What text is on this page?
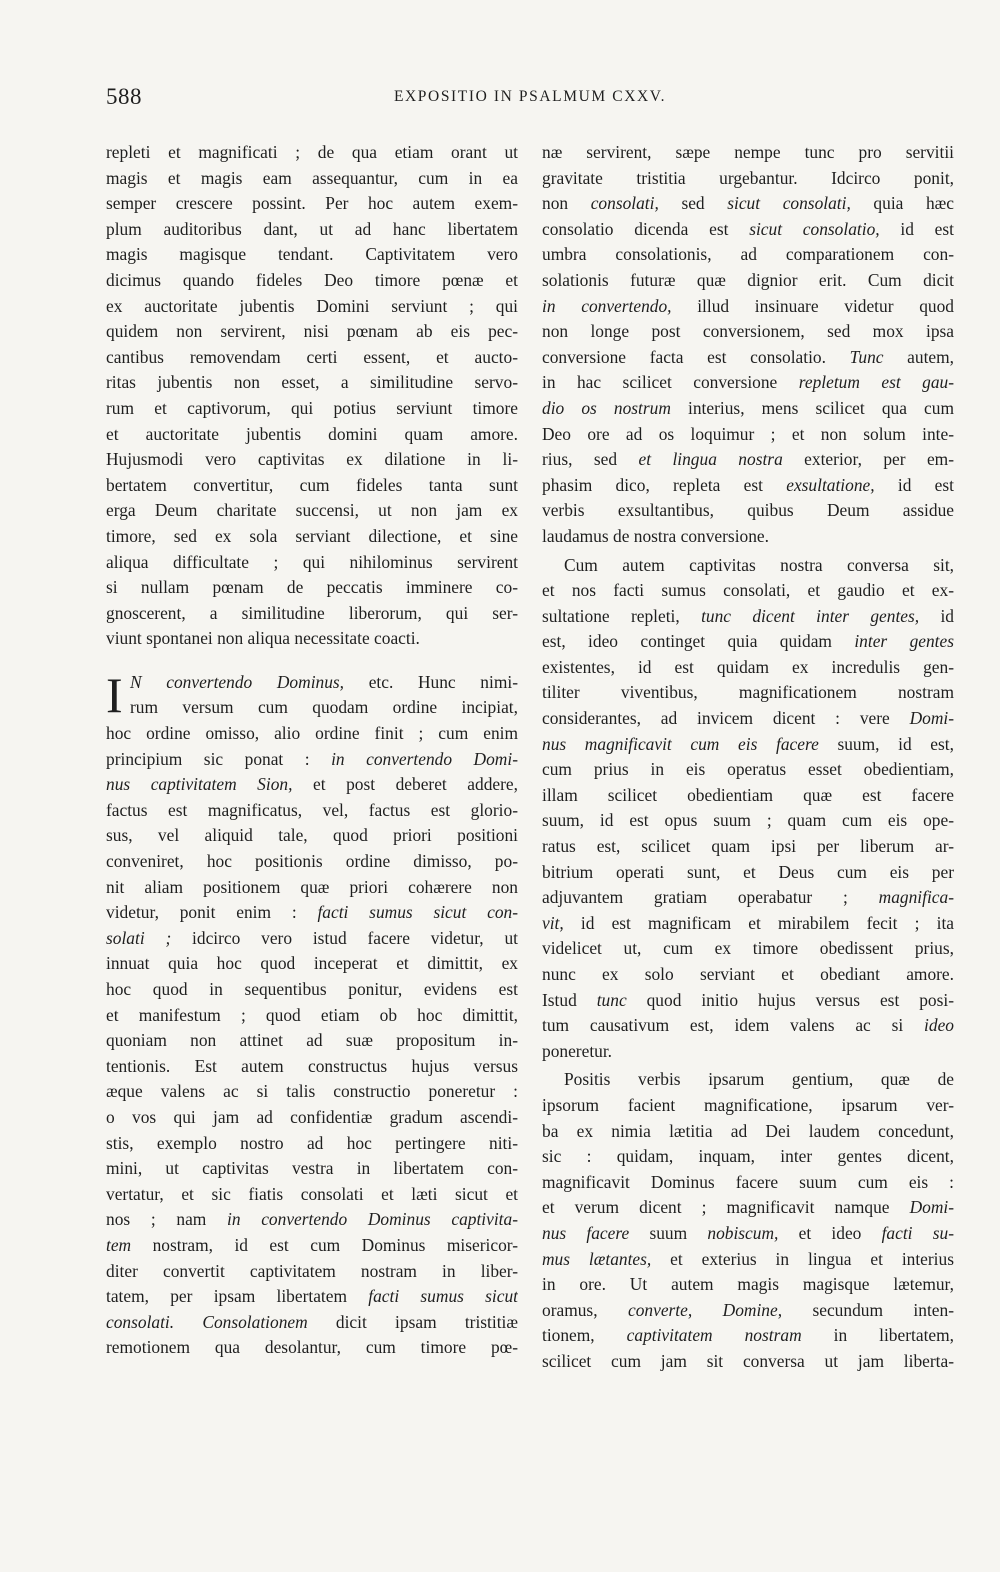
588	EXPOSITIO IN PSALMUM CXXV.
repleti et magnificati ; de qua etiam orant ut
magis et magis eam assequantur, cum in ea
semper crescere possint. Per hoc autem exem-
plum auditoribus dant, ut ad hanc libertatem
magis magisque tendant. Captivitatem vero
dicimus quando fideles Deo timore pœnæ et
ex auctoritate jubentis Domini serviunt ; qui
quidem non servirent, nisi pœnam ab eis pec-
cantibus removendam certi essent, et aucto-
ritas jubentis non esset, a similitudine servo-
rum et captivorum, qui potius serviunt timore
et auctoritate jubentis domini quam amore.
Hujusmodi vero captivitas ex dilatione in li-
bertatem convertitur, cum fideles tanta sunt
erga Deum charitate succensi, ut non jam ex
timore, sed ex sola serviant dilectione, et sine
aliqua difficultate ; qui nihilominus servirent
si nullam pœnam de peccatis imminere co-
gnoscerent, a similitudine liberorum, qui ser-
viunt spontanei non aliqua necessitate coacti.
I N convertendo Dominus, etc. Hunc nimi-
rum versum cum quodam ordine incipiat,
hoc ordine omisso, alio ordine finit ; cum enim
principium sic ponat : in convertendo Domi-
nus captivitatem Sion, et post deberet addere,
factus est magnificatus, vel, factus est glorio-
sus, vel aliquid tale, quod priori positioni
conveniret, hoc positionis ordine dimisso, po-
nit aliam positionem quæ priori cohærere non
videtur, ponit enim : facti sumus sicut con-
solati ; idcirco vero istud facere videtur, ut
innuat quia hoc quod inceperat et dimittit, ex
hoc quod in sequentibus ponitur, evidens est
et manifestum ; quod etiam ob hoc dimittit,
quoniam non attinet ad suæ propositum in-
tentionis. Est autem constructus hujus versus
æque valens ac si talis constructio poneretur :
o vos qui jam ad confidentiæ gradum ascendi-
stis, exemplo nostro ad hoc pertingere niti-
mini, ut captivitas vestra in libertatem con-
vertatur, et sic fiatis consolati et læti sicut et
nos ; nam in convertendo Dominus captivita-
tem nostram, id est cum Dominus misericor-
diter convertit captivitatem nostram in liber-
tatem, per ipsam libertatem facti sumus sicut
consolati. Consolationem dicit ipsam tristitiæ
remotionem qua desolantur, cum timore pœ-
næ servirent, sæpe nempe tunc pro servitii
gravitate tristitia urgebantur. Idcirco ponit,
non consolati, sed sicut consolati, quia hæc
consolatio dicenda est sicut consolatio, id est
umbra consolationis, ad comparationem con-
solationis futuræ quæ dignior erit. Cum dicit
in convertendo, illud insinuare videtur quod
non longe post conversionem, sed mox ipsa
conversione facta est consolatio. Tunc autem,
in hac scilicet conversione repletum est gau-
dio os nostrum interius, mens scilicet qua cum
Deo ore ad os loquimur ; et non solum inte-
rius, sed et lingua nostra exterior, per em-
phasim dico, repleta est exsultatione, id est
verbis exsultantibus, quibus Deum assidue
laudamus de nostra conversione.
Cum autem captivitas nostra conversa sit,
et nos facti sumus consolati, et gaudio et ex-
sultatione repleti, tunc dicent inter gentes, id
est, ideo continget quia quidam inter gentes
existentes, id est quidam ex incredulis gen-
tiliter viventibus, magnificationem nostram
considerantes, ad invicem dicent : vere Domi-
nus magnificavit cum eis facere suum, id est,
cum prius in eis operatus esset obedientiam,
illam scilicet obedientiam quæ est facere
suum, id est opus suum ; quam cum eis ope-
ratus est, scilicet quam ipsi per liberum ar-
bitrium operati sunt, et Deus cum eis per
adjuvantem gratiam operabatur ; magnifica-
vit, id est magnificam et mirabilem fecit ; ita
videlicet ut, cum ex timore obedissent prius,
nunc ex solo serviant et obediant amore.
Istud tunc quod initio hujus versus est posi-
tum causativum est, idem valens ac si ideo
poneretur.
Positis verbis ipsarum gentium, quæ de
ipsorum facient magnificatione, ipsarum ver-
ba ex nimia lætitia ad Dei laudem concedunt,
sic : quidam, inquam, inter gentes dicent,
magnificavit Dominus facere suum cum eis :
et verum dicent ; magnificavit namque Domi-
nus facere suum nobiscum, et ideo facti su-
mus lætantes, et exterius in lingua et interius
in ore. Ut autem magis magisque lætemur,
oramus, converte, Domine, secundum inten-
tionem, captivitatem nostram in libertatem,
scilicet cum jam sit conversa ut jam liberta-
